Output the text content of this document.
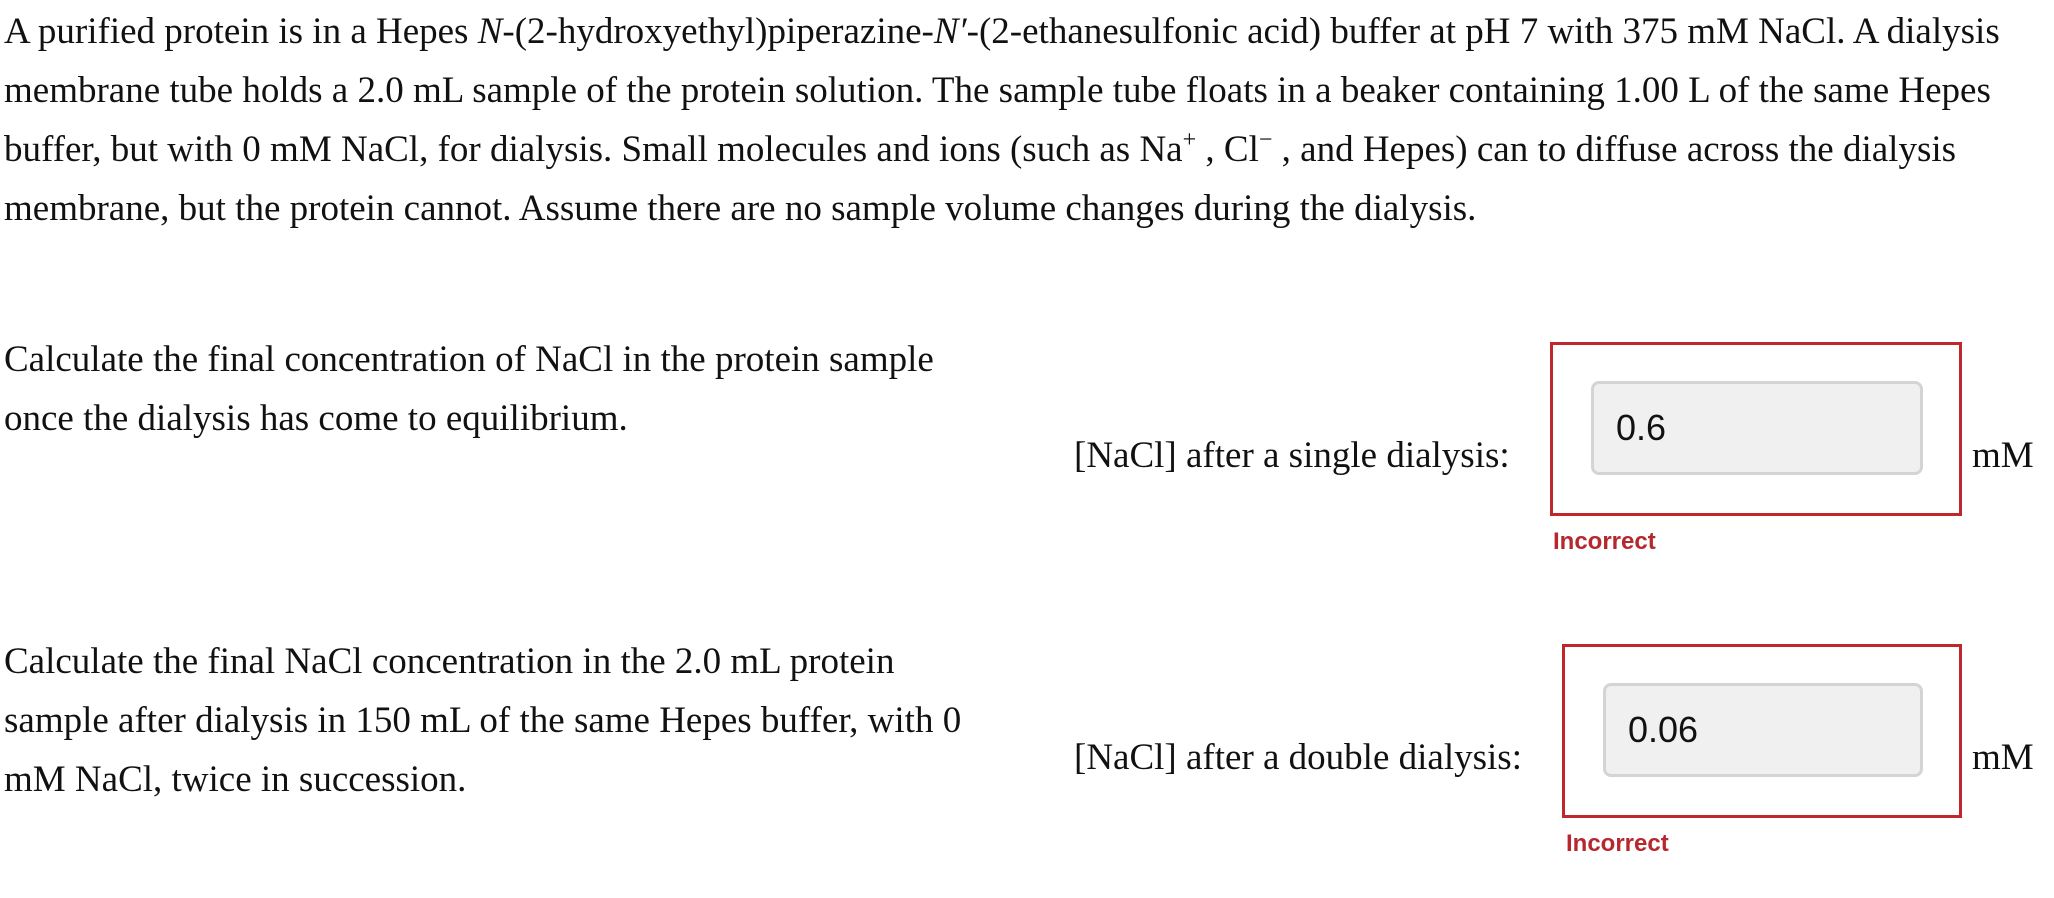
A purified protein is in a Hepes N-(2-hydroxyethyl)piperazine-N′-(2-ethanesulfonic acid) buffer at pH 7 with 375 mM NaCl. A dialysis membrane tube holds a 2.0 mL sample of the protein solution. The sample tube floats in a beaker containing 1.00 L of the same Hepes buffer, but with 0 mM NaCl, for dialysis. Small molecules and ions (such as Na+ , Cl− , and Hepes) can to diffuse across the dialysis membrane, but the protein cannot. Assume there are no sample volume changes during the dialysis.

Calculate the final concentration of NaCl in the protein sample once the dialysis has come to equilibrium.

[NaCl] after a single dialysis:
0.6	mM
Incorrect

Calculate the final NaCl concentration in the 2.0 mL protein sample after dialysis in 150 mL of the same Hepes buffer, with 0 mM NaCl, twice in succession.

[NaCl] after a double dialysis:
0.06	mM
Incorrect
